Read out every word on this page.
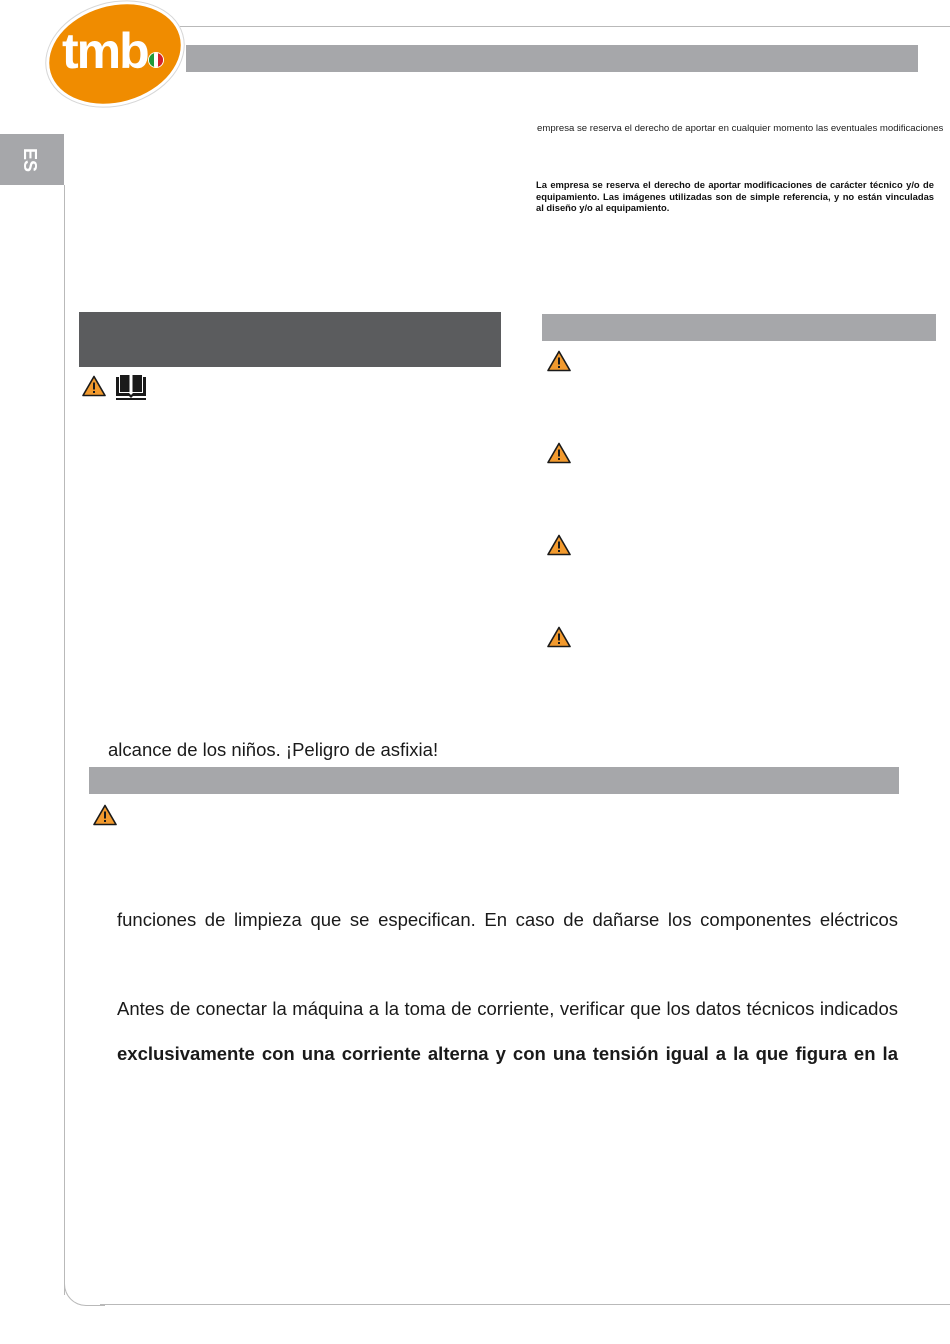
tmb
ES
empresa se reserva el derecho de aportar en cualquier momento las eventuales modificaciones
La empresa se reserva el derecho de aportar modificaciones de carácter técnico y/o de equipamiento. Las imágenes utilizadas son de simple referencia, y no están vinculadas al diseño y/o al equipamiento.
alcance de los niños. ¡Peligro de asfixia!
funciones de limpieza que se especifican. En caso de dañarse los componentes eléctricos
Antes de conectar la máquina a la toma de corriente, verificar que los datos técnicos indicados
exclusivamente con una corriente alterna y con una tensión igual a la que figura en la
